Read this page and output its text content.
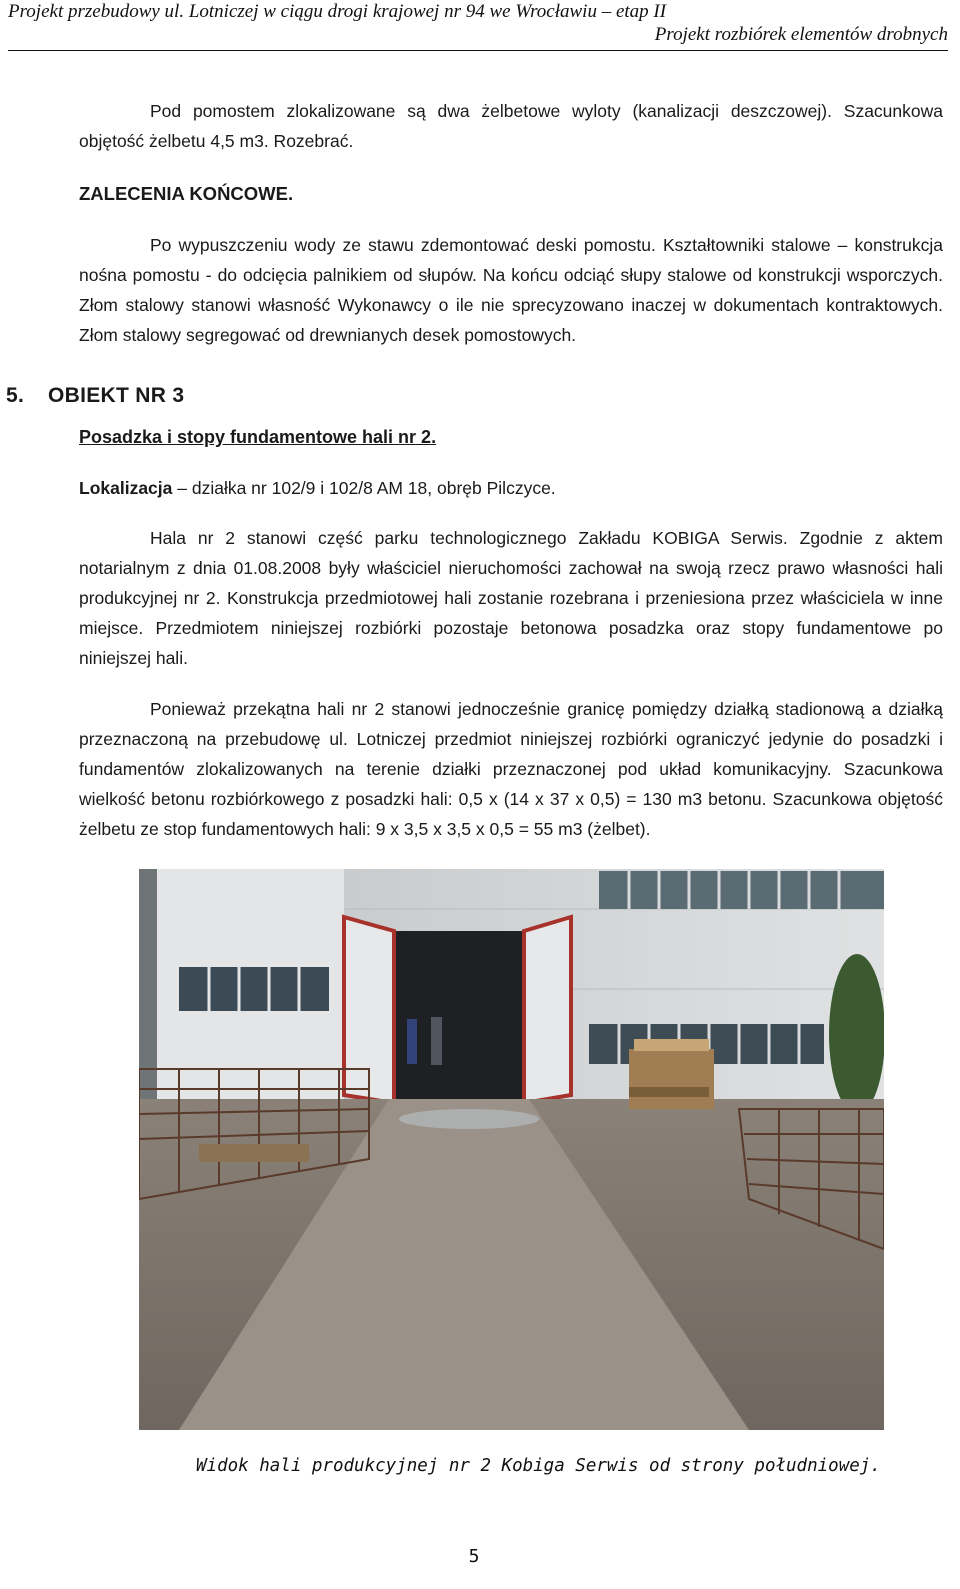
Projekt przebudowy ul. Lotniczej w ciągu drogi krajowej nr 94 we Wrocławiu – etap II
Projekt rozbiórek elementów drobnych
Pod pomostem zlokalizowane są dwa żelbetowe wyloty (kanalizacji deszczowej). Szacunkowa objętość żelbetu 4,5 m3. Rozebrać.
ZALECENIA KOŃCOWE.
Po wypuszczeniu wody ze stawu zdemontować deski pomostu. Kształtowniki stalowe – konstrukcja nośna pomostu - do odcięcia palnikiem od słupów. Na końcu odciąć słupy stalowe od konstrukcji wsporczych. Złom stalowy stanowi własność Wykonawcy o ile nie sprecyzowano inaczej w dokumentach kontraktowych. Złom stalowy segregować od drewnianych desek pomostowych.
5. OBIEKT NR 3
Posadzka i stopy fundamentowe hali nr 2.
Lokalizacja – działka nr 102/9 i 102/8 AM 18, obręb Pilczyce.
Hala nr 2 stanowi część parku technologicznego Zakładu KOBIGA Serwis. Zgodnie z aktem notarialnym z dnia 01.08.2008 były właściciel nieruchomości zachował na swoją rzecz prawo własności hali produkcyjnej nr 2. Konstrukcja przedmiotowej hali zostanie rozebrana i przeniesiona przez właściciela w inne miejsce. Przedmiotem niniejszej rozbiórki pozostaje betonowa posadzka oraz stopy fundamentowe po niniejszej hali.
Ponieważ przekątna hali nr 2 stanowi jednocześnie granicę pomiędzy działką stadionową a działką przeznaczoną na przebudowę ul. Lotniczej przedmiot niniejszej rozbiórki ograniczyć jedynie do posadzki i fundamentów zlokalizowanych na terenie działki przeznaczonej pod układ komunikacyjny. Szacunkowa wielkość betonu rozbiórkowego z posadzki hali: 0,5 x (14 x 37 x 0,5) = 130 m3 betonu. Szacunkowa objętość żelbetu ze stop fundamentowych hali: 9 x 3,5 x 3,5 x 0,5 = 55 m3 (żelbet).
Widok hali produkcyjnej nr 2 Kobiga Serwis od strony południowej.
5
